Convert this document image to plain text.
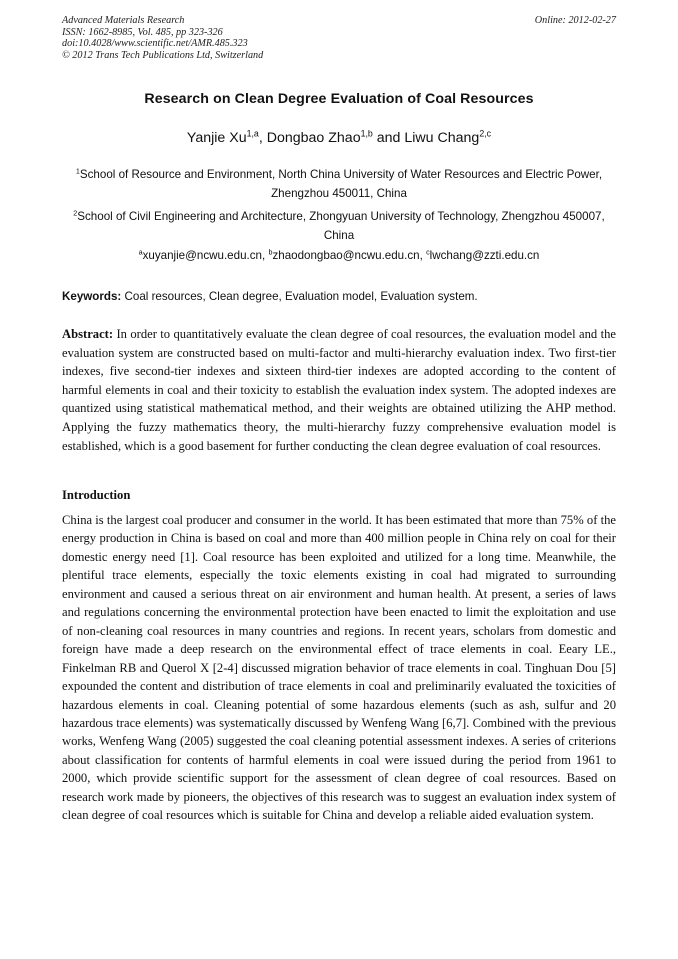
Advanced Materials Research
ISSN: 1662-8985, Vol. 485, pp 323-326
doi:10.4028/www.scientific.net/AMR.485.323
© 2012 Trans Tech Publications Ltd, Switzerland
Online: 2012-02-27
Research on Clean Degree Evaluation of Coal Resources
Yanjie Xu$^{1,a}$, Dongbao Zhao$^{1,b}$ and Liwu Chang$^{2,c}$
$^1$School of Resource and Environment, North China University of Water Resources and Electric Power, Zhengzhou 450011, China
$^2$School of Civil Engineering and Architecture, Zhongyuan University of Technology, Zhengzhou 450007, China
$^a$xuyanjie@ncwu.edu.cn, $^b$zhaodongbao@ncwu.edu.cn, $^c$lwchang@zzti.edu.cn
Keywords: Coal resources, Clean degree, Evaluation model, Evaluation system.
Abstract: In order to quantitatively evaluate the clean degree of coal resources, the evaluation model and the evaluation system are constructed based on multi-factor and multi-hierarchy evaluation index. Two first-tier indexes, five second-tier indexes and sixteen third-tier indexes are adopted according to the content of harmful elements in coal and their toxicity to establish the evaluation index system. The adopted indexes are quantized using statistical mathematical method, and their weights are obtained utilizing the AHP method. Applying the fuzzy mathematics theory, the multi-hierarchy fuzzy comprehensive evaluation model is established, which is a good basement for further conducting the clean degree evaluation of coal resources.
Introduction
China is the largest coal producer and consumer in the world. It has been estimated that more than 75% of the energy production in China is based on coal and more than 400 million people in China rely on coal for their domestic energy need [1]. Coal resource has been exploited and utilized for a long time. Meanwhile, the plentiful trace elements, especially the toxic elements existing in coal had migrated to surrounding environment and caused a serious threat on air environment and human health. At present, a series of laws and regulations concerning the environmental protection have been enacted to limit the exploitation and use of non-cleaning coal resources in many countries and regions. In recent years, scholars from domestic and foreign have made a deep research on the environmental effect of trace elements in coal. Eeary LE., Finkelman RB and Querol X [2-4] discussed migration behavior of trace elements in coal. Tinghuan Dou [5] expounded the content and distribution of trace elements in coal and preliminarily evaluated the toxicities of hazardous elements in coal. Cleaning potential of some hazardous elements (such as ash, sulfur and 20 hazardous trace elements) was systematically discussed by Wenfeng Wang [6,7]. Combined with the previous works, Wenfeng Wang (2005) suggested the coal cleaning potential assessment indexes. A series of criterions about classification for contents of harmful elements in coal were issued during the period from 1961 to 2000, which provide scientific support for the assessment of clean degree of coal resources. Based on research work made by pioneers, the objectives of this research was to suggest an evaluation index system of clean degree of coal resources which is suitable for China and develop a reliable aided evaluation system.
